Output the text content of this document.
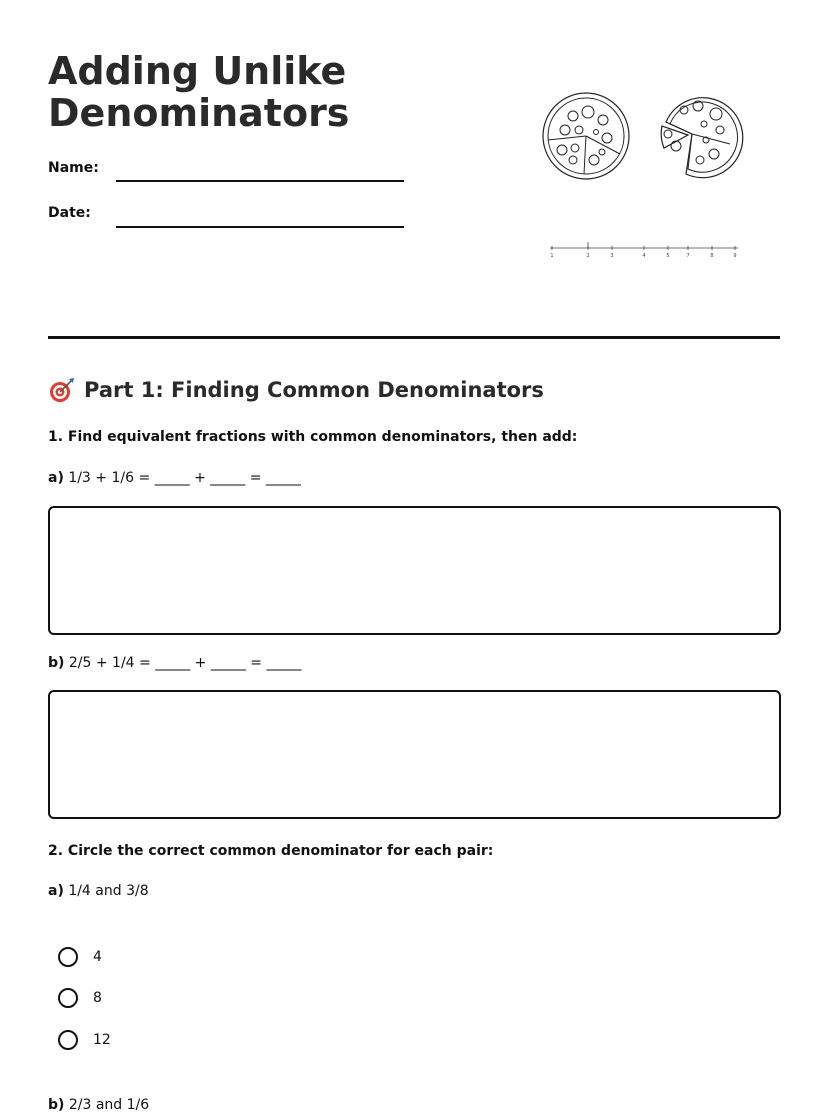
Adding Unlike Denominators
Name:
Date:
1	2	3	4	5	7	8	9
Part 1: Finding Common Denominators
1. Find equivalent fractions with common denominators, then add:
a) 1/3 + 1/6 = _____ + _____ = _____
b) 2/5 + 1/4 = _____ + _____ = _____
2. Circle the correct common denominator for each pair:
a) 1/4 and 3/8
4
8
12
b) 2/3 and 1/6
